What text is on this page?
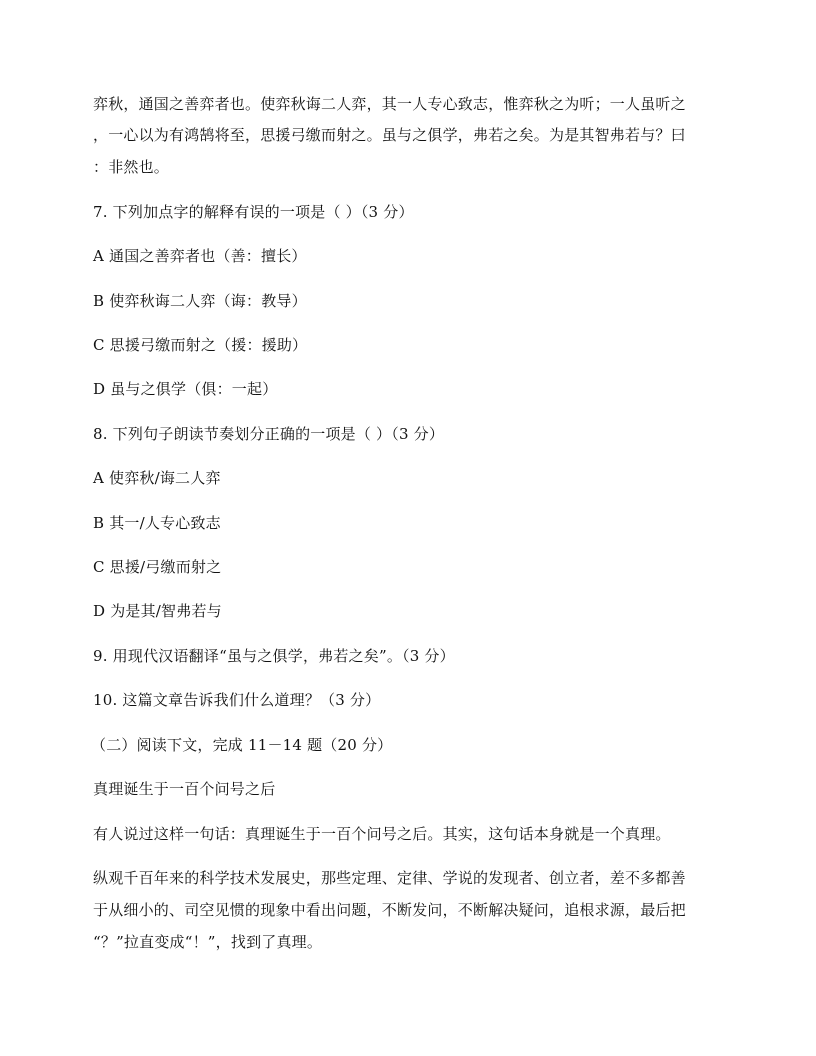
弈秋，通国之善弈者也。使弈秋诲二人弈，其一人专心致志，惟弈秋之为听；一人虽听之
，一心以为有鸿鹄将至，思援弓缴而射之。虽与之俱学，弗若之矣。为是其智弗若与？曰
：非然也。
7. 下列加点字的解释有误的一项是（ ）（3 分）
A 通国之善弈者也（善：擅长）
B 使弈秋诲二人弈（诲：教导）
C 思援弓缴而射之（援：援助）
D 虽与之俱学（俱：一起）
8. 下列句子朗读节奏划分正确的一项是（ ）（3 分）
A 使弈秋/诲二人弈
B 其一/人专心致志
C 思援/弓缴而射之
D 为是其/智弗若与
9. 用现代汉语翻译“虽与之俱学，弗若之矣”。（3 分）
10. 这篇文章告诉我们什么道理？（3 分）
（二）阅读下文，完成 11－14 题（20 分）
真理诞生于一百个问号之后
有人说过这样一句话：真理诞生于一百个问号之后。其实，这句话本身就是一个真理。
纵观千百年来的科学技术发展史，那些定理、定律、学说的发现者、创立者，差不多都善
于从细小的、司空见惯的现象中看出问题，不断发问，不断解决疑问，追根求源，最后把
“？”拉直变成“！”，找到了真理。
